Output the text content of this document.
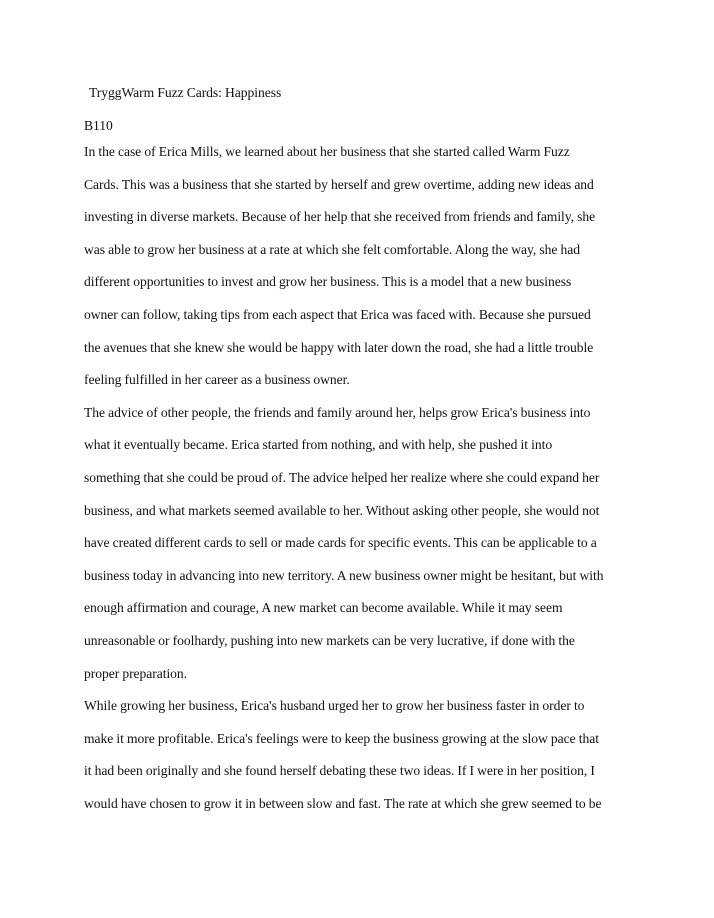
TryggWarm Fuzz Cards: Happiness
B110
In the case of Erica Mills, we learned about her business that she started called Warm Fuzz
Cards. This was a business that she started by herself and grew overtime, adding new ideas and
investing in diverse markets. Because of her help that she received from friends and family, she
was able to grow her business at a rate at which she felt comfortable. Along the way, she had
different opportunities to invest and grow her business. This is a model that a new business
owner can follow, taking tips from each aspect that Erica was faced with. Because she pursued
the avenues that she knew she would be happy with later down the road, she had a little trouble
feeling fulfilled in her career as a business owner.
The advice of other people, the friends and family around her, helps grow Erica's business into
what it eventually became. Erica started from nothing, and with help, she pushed it into
something that she could be proud of. The advice helped her realize where she could expand her
business, and what markets seemed available to her. Without asking other people, she would not
have created different cards to sell or made cards for specific events. This can be applicable to a
business today in advancing into new territory. A new business owner might be hesitant, but with
enough affirmation and courage, A new market can become available. While it may seem
unreasonable or foolhardy, pushing into new markets can be very lucrative, if done with the
proper preparation.
While growing her business, Erica's husband urged her to grow her business faster in order to
make it more profitable. Erica's feelings were to keep the business growing at the slow pace that
it had been originally and she found herself debating these two ideas. If I were in her position, I
would have chosen to grow it in between slow and fast. The rate at which she grew seemed to be
